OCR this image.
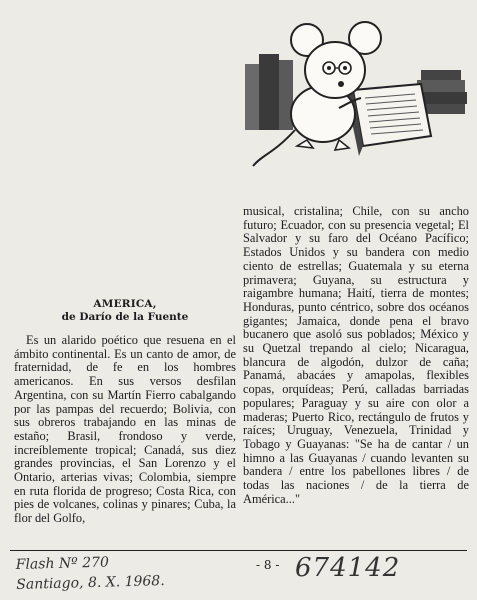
AMERICA,

de Darío de la Fuente

Es un alarido poético que resuena en el ámbito continental. Es un canto de amor, de fraternidad, de fe en los hombres americanos. En sus versos desfilan Argentina, con su Martín Fierro cabalgando por las pampas del recuerdo; Bolivia, con sus obreros trabajando en las minas de estaño; Brasil, frondoso y verde, increíblemente tropical; Canadá, sus diez grandes provincias, el San Lorenzo y el Ontario, arterias vivas; Colombia, siempre en ruta florida de progreso; Costa Rica, con pies de volcanes, colinas y pinares; Cuba, la flor del Golfo,

musical, cristalina; Chile, con su ancho futuro; Ecuador, con su presencia vegetal; El Salvador y su faro del Océano Pacífico; Estados Unidos y su bandera con medio ciento de estrellas; Guatemala y su eterna primavera; Guyana, su estructura y raigambre humana; Haití, tierra de montes; Honduras, punto céntrico, sobre dos océanos gigantes; Jamaica, donde pena el bravo bucanero que asoló sus poblados; México y su Quetzal trepando al cielo; Nicaragua, blancura de algodón, dulzor de caña; Panamá, abacáes y amapolas, flexibles copas, orquídeas; Perú, calladas barriadas populares; Paraguay y su aire con olor a maderas; Puerto Rico, rectángulo de frutos y raíces; Uruguay, Venezuela, Trinidad y Tobago y Guayanas: "Se ha de cantar / un himno a las Guayanas / cuando levanten su bandera / entre los pabellones libres / de todas las naciones / de la tierra de América..."

Flash Nº 270
Santiago, 8. X. 1968.
- 8 - 674142
